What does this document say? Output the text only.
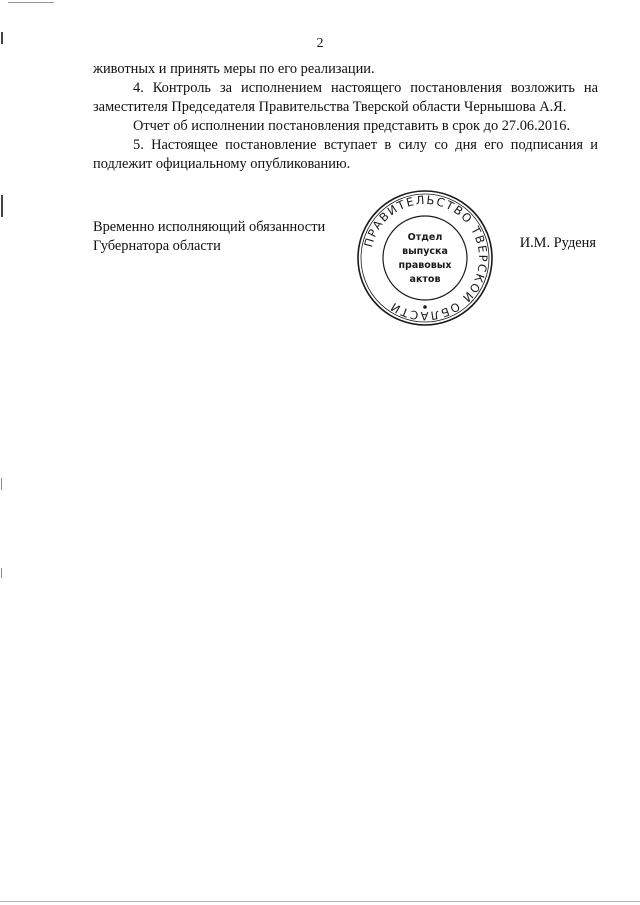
2

животных и принять меры по его реализации.

4. Контроль за исполнением настоящего постановления возложить на заместителя Председателя Правительства Тверской области Чернышова А.Я.

Отчет об исполнении постановления представить в срок до 27.06.2016.

5. Настоящее постановление вступает в силу со дня его подписания и подлежит официальному опубликованию.

Временно исполняющий обязанности
Губернатора области	И.М. Руденя
ПРАВИТЕЛЬСТВО ТВЕРСКОЙ ОБЛАСТИ
Отдел
выпуска
правовых
актов
